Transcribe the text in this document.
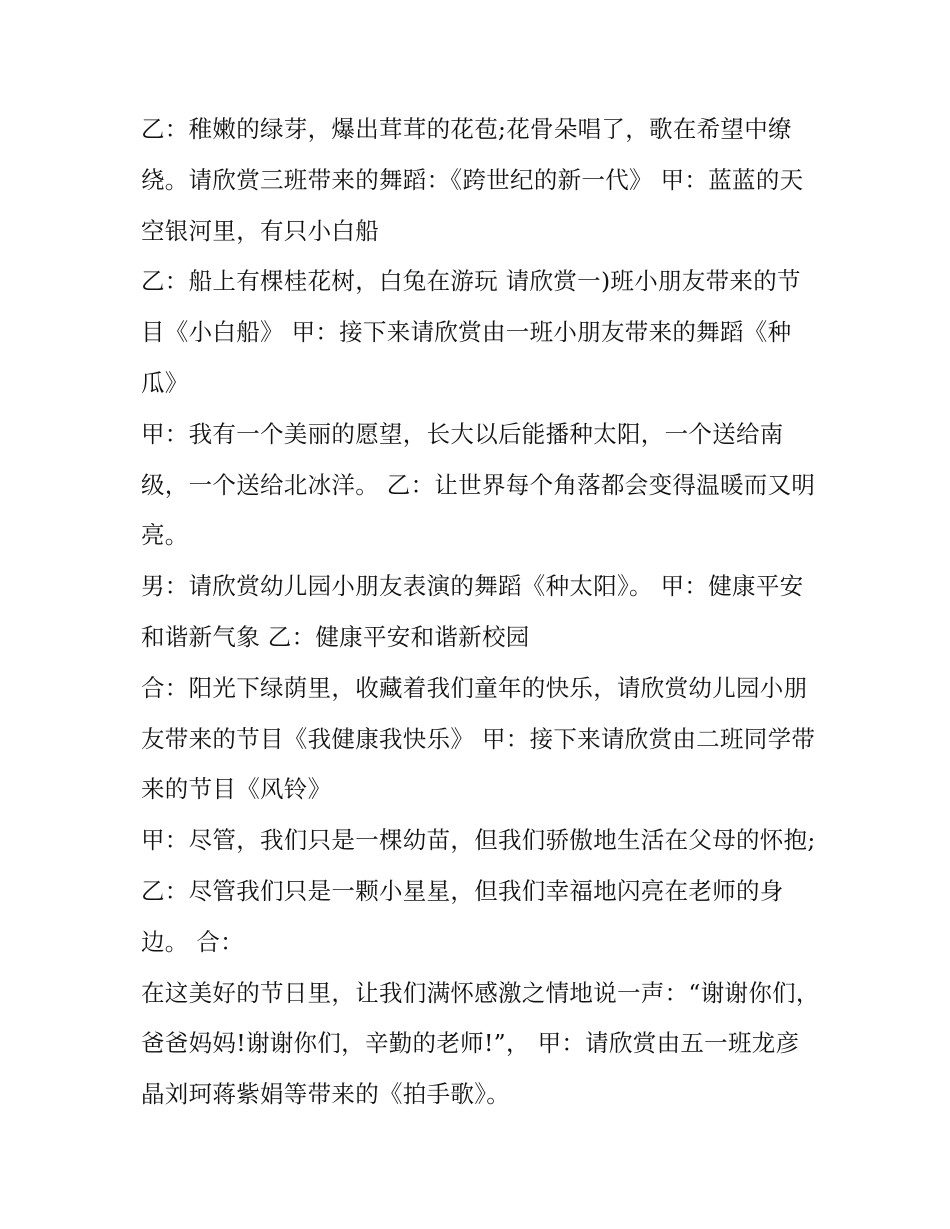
乙：稚嫩的绿芽，爆出茸茸的花苞;花骨朵唱了，歌在希望中缭绕。请欣赏三班带来的舞蹈：《跨世纪的新一代》 甲：蓝蓝的天空银河里，有只小白船

乙：船上有棵桂花树，白兔在游玩 请欣赏一)班小朋友带来的节目《小白船》 甲：接下来请欣赏由一班小朋友带来的舞蹈《种瓜》

甲：我有一个美丽的愿望，长大以后能播种太阳，一个送给南级，一个送给北冰洋。 乙：让世界每个角落都会变得温暖而又明亮。

男：请欣赏幼儿园小朋友表演的舞蹈《种太阳》。 甲：健康平安和谐新气象 乙：健康平安和谐新校园

合：阳光下绿荫里，收藏着我们童年的快乐，请欣赏幼儿园小朋友带来的节目《我健康我快乐》 甲：接下来请欣赏由二班同学带来的节目《风铃》

甲：尽管，我们只是一棵幼苗，但我们骄傲地生活在父母的怀抱; 乙：尽管我们只是一颗小星星，但我们幸福地闪亮在老师的身边。 合：

在这美好的节日里，让我们满怀感激之情地说一声：“谢谢你们，爸爸妈妈!谢谢你们，辛勤的老师!”， 甲：请欣赏由五一班龙彦晶刘珂蒋紫娟等带来的《拍手歌》。
